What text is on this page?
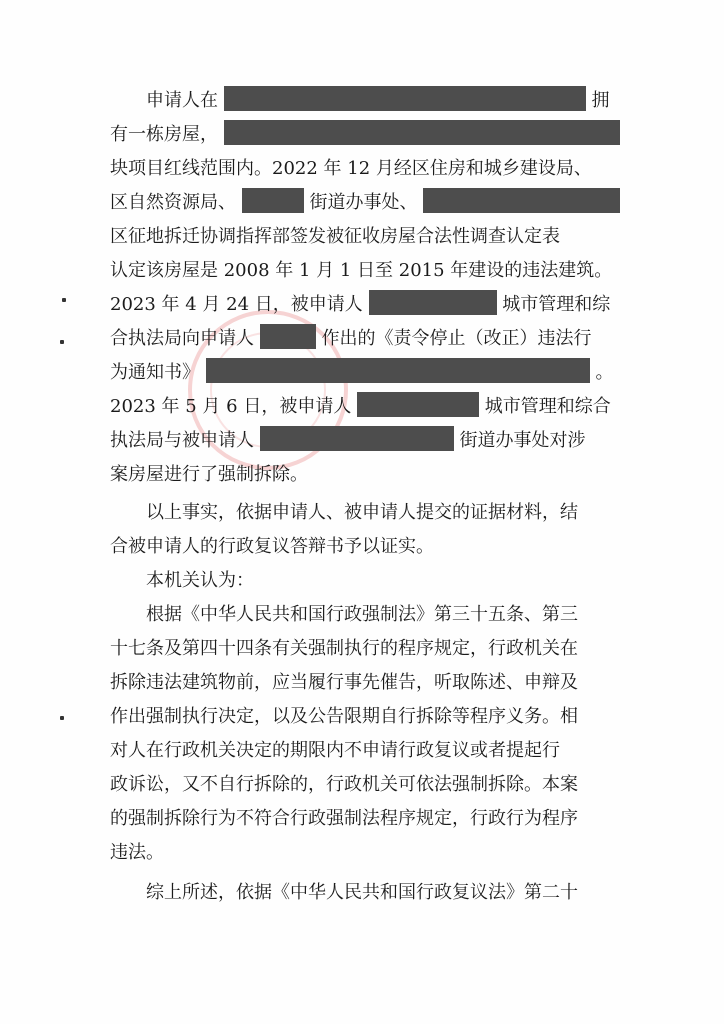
申请人在	拥
有一栋房屋，
块项目红线范围内。2022 年 12 月经区住房和城乡建设局、
区自然资源局、	街道办事处、
区征地拆迁协调指挥部签发被征收房屋合法性调查认定表
认定该房屋是 2008 年 1 月 1 日至 2015 年建设的违法建筑。
2023 年 4 月 24 日，被申请人	城市管理和综
合执法局向申请人	作出的《责令停止（改正）违法行
为通知书》	。
2023 年 5 月 6 日，被申请人	城市管理和综合
执法局与被申请人	街道办事处对涉
案房屋进行了强制拆除。
以上事实，依据申请人、被申请人提交的证据材料，结
合被申请人的行政复议答辩书予以证实。
本机关认为：
根据《中华人民共和国行政强制法》第三十五条、第三
十七条及第四十四条有关强制执行的程序规定，行政机关在
拆除违法建筑物前，应当履行事先催告，听取陈述、申辩及
作出强制执行决定，以及公告限期自行拆除等程序义务。相
对人在行政机关决定的期限内不申请行政复议或者提起行
政诉讼，又不自行拆除的，行政机关可依法强制拆除。本案
的强制拆除行为不符合行政强制法程序规定，行政行为程序
违法。
综上所述，依据《中华人民共和国行政复议法》第二十
